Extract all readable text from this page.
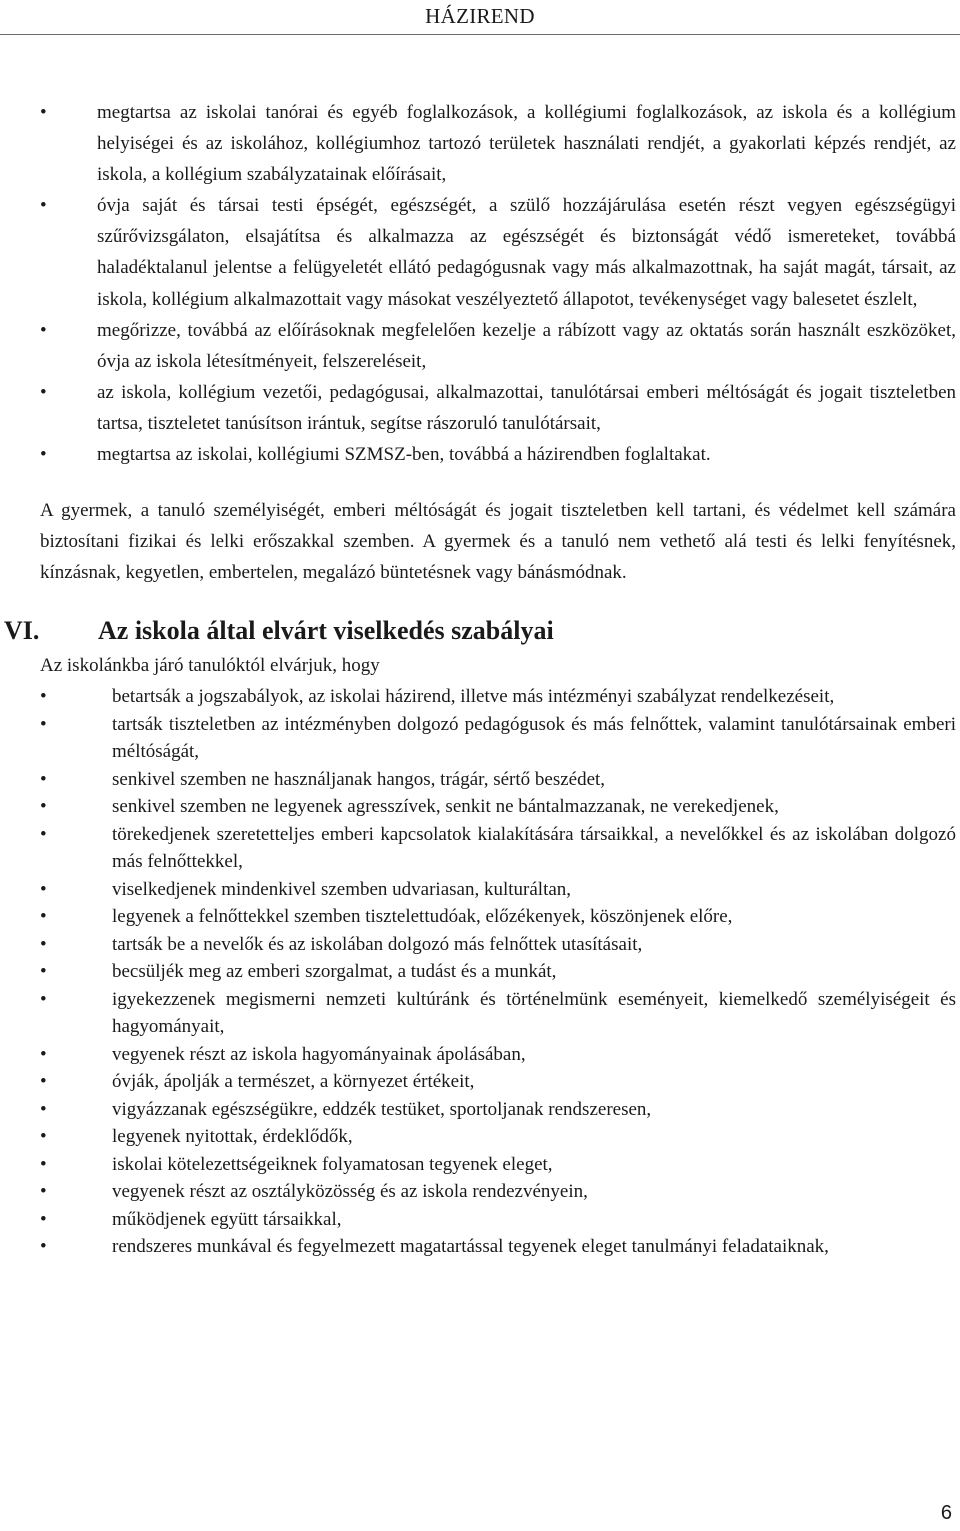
HÁZIREND
•	megtartsa az iskolai tanórai és egyéb foglalkozások, a kollégiumi foglalkozások, az iskola és a kollégium helyiségei és az iskolához, kollégiumhoz tartozó területek használati rendjét, a gyakorlati képzés rendjét, az iskola, a kollégium szabályzatainak előírásait,
•	óvja saját és társai testi épségét, egészségét, a szülő hozzájárulása esetén részt vegyen egészségügyi szűrővizsgálaton, elsajátítsa és alkalmazza az egészségét és biztonságát védő ismereteket, továbbá haladéktalanul jelentse a felügyeletét ellátó pedagógusnak vagy más alkalmazottnak, ha saját magát, társait, az iskola, kollégium alkalmazottait vagy másokat veszélyeztető állapotot, tevékenységet vagy balesetet észlelt,
•	megőrizze, továbbá az előírásoknak megfelelően kezelje a rábízott vagy az oktatás során használt eszközöket, óvja az iskola létesítményeit, felszereléseit,
•	az iskola, kollégium vezetői, pedagógusai, alkalmazottai, tanulótársai emberi méltóságát és jogait tiszteletben tartsa, tiszteletet tanúsítson irántuk, segítse rászoruló tanulótársait,
•	megtartsa az iskolai, kollégiumi SZMSZ-ben, továbbá a házirendben foglaltakat.

A gyermek, a tanuló személyiségét, emberi méltóságát és jogait tiszteletben kell tartani, és védelmet kell számára biztosítani fizikai és lelki erőszakkal szemben. A gyermek és a tanuló nem vethető alá testi és lelki fenyítésnek, kínzásnak, kegyetlen, embertelen, megalázó büntetésnek vagy bánásmódnak.

VI. Az iskola által elvárt viselkedés szabályai
Az iskolánkba járó tanulóktól elvárjuk, hogy
•	betartsák a jogszabályok, az iskolai házirend, illetve más intézményi szabályzat rendelkezéseit,
•	tartsák tiszteletben az intézményben dolgozó pedagógusok és más felnőttek, valamint tanulótársainak emberi méltóságát,
•	senkivel szemben ne használjanak hangos, trágár, sértő beszédet,
•	senkivel szemben ne legyenek agresszívek, senkit ne bántalmazzanak, ne verekedjenek,
•	törekedjenek szeretetteljes emberi kapcsolatok kialakítására társaikkal, a nevelőkkel és az iskolában dolgozó más felnőttekkel,
•	viselkedjenek mindenkivel szemben udvariasan, kulturáltan,
•	legyenek a felnőttekkel szemben tisztelettudóak, előzékenyek, köszönjenek előre,
•	tartsák be a nevelők és az iskolában dolgozó más felnőttek utasításait,
•	becsüljék meg az emberi szorgalmat, a tudást és a munkát,
•	igyekezzenek megismerni nemzeti kultúránk és történelmünk eseményeit, kiemelkedő személyiségeit és hagyományait,
•	vegyenek részt az iskola hagyományainak ápolásában,
•	óvják, ápolják a természet, a környezet értékeit,
•	vigyázzanak egészségükre, eddzék testüket, sportoljanak rendszeresen,
•	legyenek nyitottak, érdeklődők,
•	iskolai kötelezettségeiknek folyamatosan tegyenek eleget,
•	vegyenek részt az osztályközösség és az iskola rendezvényein,
•	működjenek együtt társaikkal,
•	rendszeres munkával és fegyelmezett magatartással tegyenek eleget tanulmányi feladataiknak,
6
